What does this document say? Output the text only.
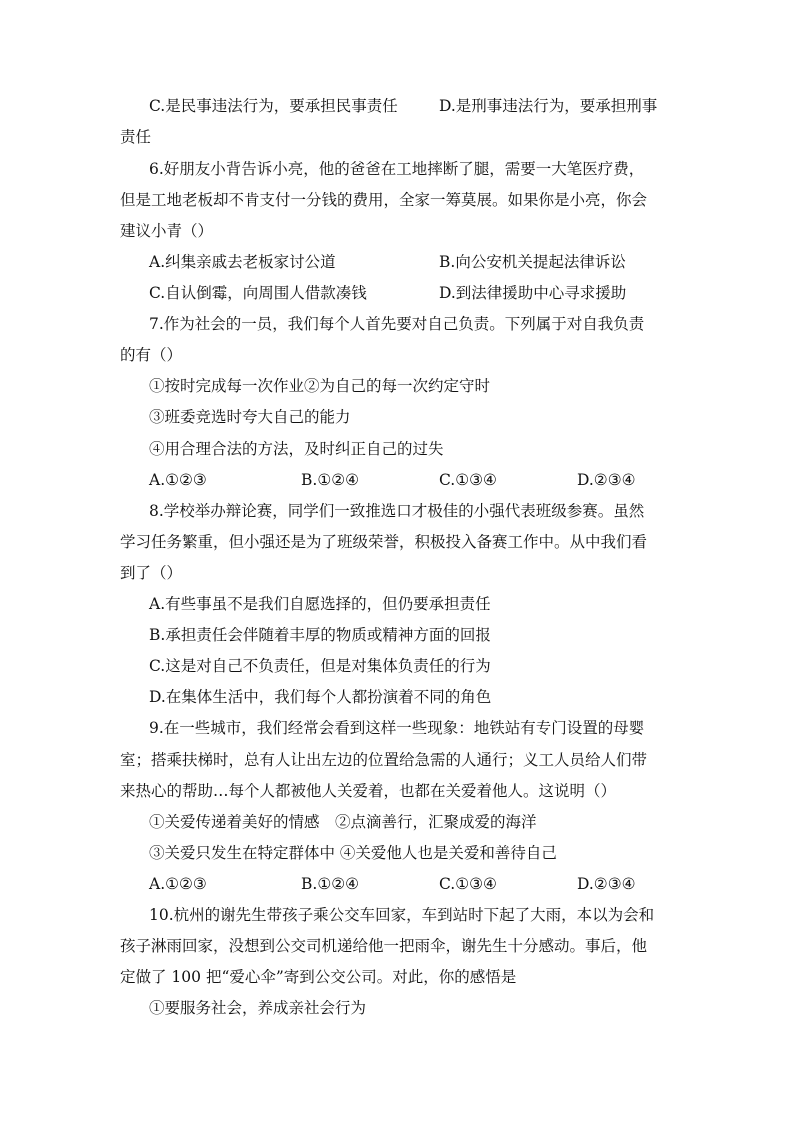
C.是民事违法行为，要承担民事责任	D.是刑事违法行为，要承担刑事
责任
6.好朋友小背告诉小亮，他的爸爸在工地摔断了腿，需要一大笔医疗费，
但是工地老板却不肯支付一分钱的费用，全家一筹莫展。如果你是小亮，你会
建议小青（）
A.纠集亲戚去老板家讨公道	B.向公安机关提起法律诉讼
C.自认倒霉，向周围人借款凑钱	D.到法律援助中心寻求援助
7.作为社会的一员，我们每个人首先要对自己负责。下列属于对自我负责
的有（）
①按时完成每一次作业②为自己的每一次约定守时
③班委竞选时夸大自己的能力
④用合理合法的方法，及时纠正自己的过失
A.①②③	B.①②④	C.①③④	D.②③④
8.学校举办辩论赛，同学们一致推选口才极佳的小强代表班级参赛。虽然
学习任务繁重，但小强还是为了班级荣誉，积极投入备赛工作中。从中我们看
到了（）
A.有些事虽不是我们自愿选择的，但仍要承担责任
B.承担责任会伴随着丰厚的物质或精神方面的回报
C.这是对自己不负责任，但是对集体负责任的行为
D.在集体生活中，我们每个人都扮演着不同的角色
9.在一些城市，我们经常会看到这样一些现象：地铁站有专门设置的母婴
室；搭乘扶梯时，总有人让出左边的位置给急需的人通行；义工人员给人们带
来热心的帮助…每个人都被他人关爱着，也都在关爱着他人。这说明（）
①关爱传递着美好的情感　②点滴善行，汇聚成爱的海洋
③关爱只发生在特定群体中 ④关爱他人也是关爱和善待自己
A.①②③	B.①②④	C.①③④	D.②③④
10.杭州的谢先生带孩子乘公交车回家，车到站时下起了大雨，本以为会和
孩子淋雨回家，没想到公交司机递给他一把雨伞，谢先生十分感动。事后，他
定做了 100 把“爱心伞”寄到公交公司。对此，你的感悟是
①要服务社会，养成亲社会行为
